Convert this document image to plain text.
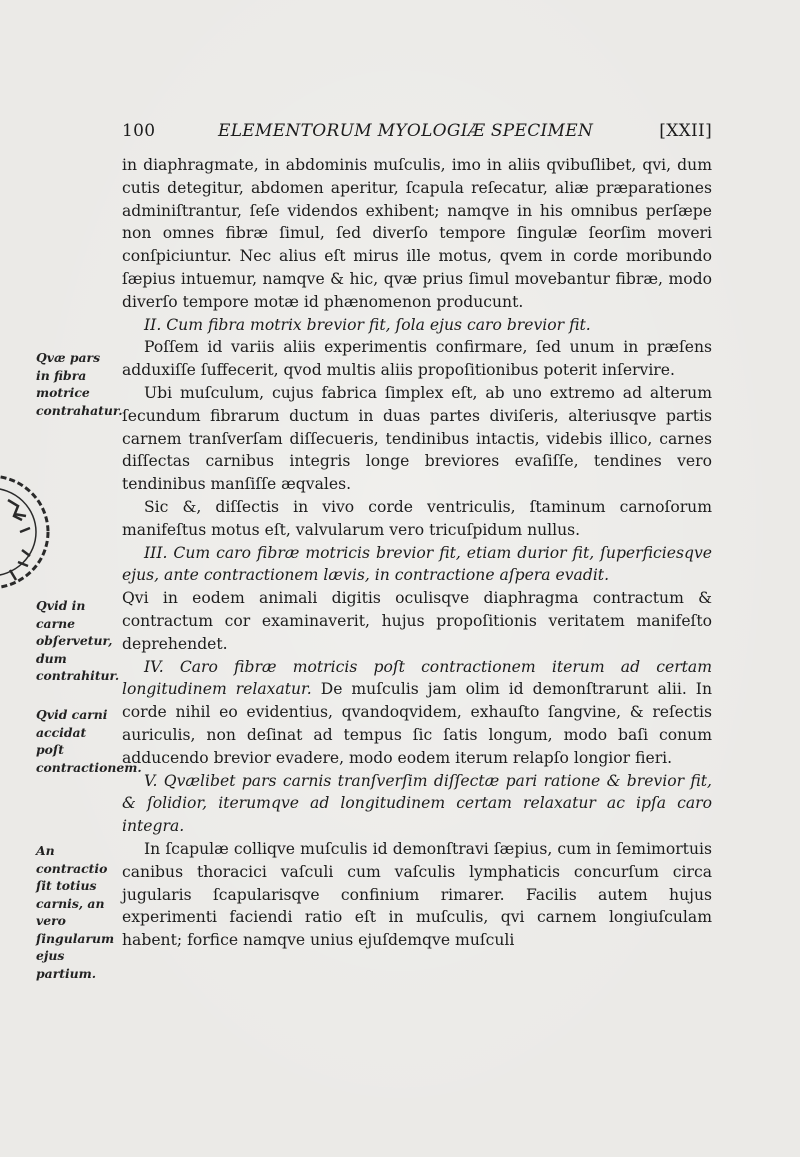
100	ELEMENTORUM MYOLOGIÆ SPECIMEN	[XXII]

in diaphragmate, in abdominis muſculis, imo in aliis qvibuſlibet, qvi, dum cutis detegitur, abdomen aperitur, ſcapula reſecatur, aliæ præparationes adminiſtrantur, ſeſe videndos exhibent; namqve in his omnibus perſæpe non omnes fibræ ſimul, ſed diverſo tempore ſingulæ ſeorſim moveri conſpiciuntur. Nec alius eſt mirus ille motus, qvem in corde moribundo ſæpius intuemur, namqve & hic, qvæ prius ſimul movebantur fibræ, modo diverſo tempore motæ id phænomenon producunt.

II. Cum fibra motrix brevior fit, ſola ejus caro brevior fit.

Poſſem id variis aliis experimentis confirmare, ſed unum in præſens adduxiſſe ſuffecerit, qvod multis aliis propoſitionibus poterit inſervire.

Ubi muſculum, cujus fabrica ſimplex eſt, ab uno extremo ad alterum ſecundum fibrarum ductum in duas partes diviſeris, alteriusqve partis carnem tranſverſam diſſecueris, tendinibus intactis, videbis illico, carnes diſſectas carnibus integris longe breviores evaſiſſe, tendines vero tendinibus manſiſſe æqvales.

Sic &, diſſectis in vivo corde ventriculis, ſtaminum carnoſorum manifeſtus motus eſt, valvularum vero tricuſpidum nullus.

III. Cum caro fibræ motricis brevior fit, etiam durior fit, ſuperficiesqve ejus, ante contractionem lævis, in contractione aſpera evadit.

Qvi in eodem animali digitis oculisqve diaphragma contractum & contractum cor examinaverit, hujus propoſitionis veritatem manifeſto deprehendet.

IV. Caro fibræ motricis poſt contractionem iterum ad certam longitudinem relaxatur. De muſculis jam olim id demonſtrarunt alii. In corde nihil eo evidentius, qvandoqvidem, exhauſto ſangvine, & reſectis auriculis, non deſinat ad tempus ſic ſatis longum, modo baſi conum adducendo brevior evadere, modo eodem iterum relapſo longior fieri.

V. Qvælibet pars carnis tranſverſim diſſectæ pari ratione & brevior fit, & ſolidior, iterumqve ad longitudinem certam relaxatur ac ipſa caro integra.

In ſcapulæ colliqve muſculis id demonſtravi ſæpius, cum in ſemimortuis canibus thoracici vaſculi cum vaſculis lymphaticis concurſum circa jugularis ſcapularisqve confinium rimarer. Facilis autem hujus experimenti faciendi ratio eſt in muſculis, qvi carnem longiuſculam habent; forfice namqve unius ejuſdemqve muſculi

Qvæ pars in fibra motrice contrahatur.
Qvid in carne obſervetur, dum contrahitur.
Qvid carni accidat poſt contractionem.
An contractio ſit totius carnis, an vero ſingularum ejus partium.
